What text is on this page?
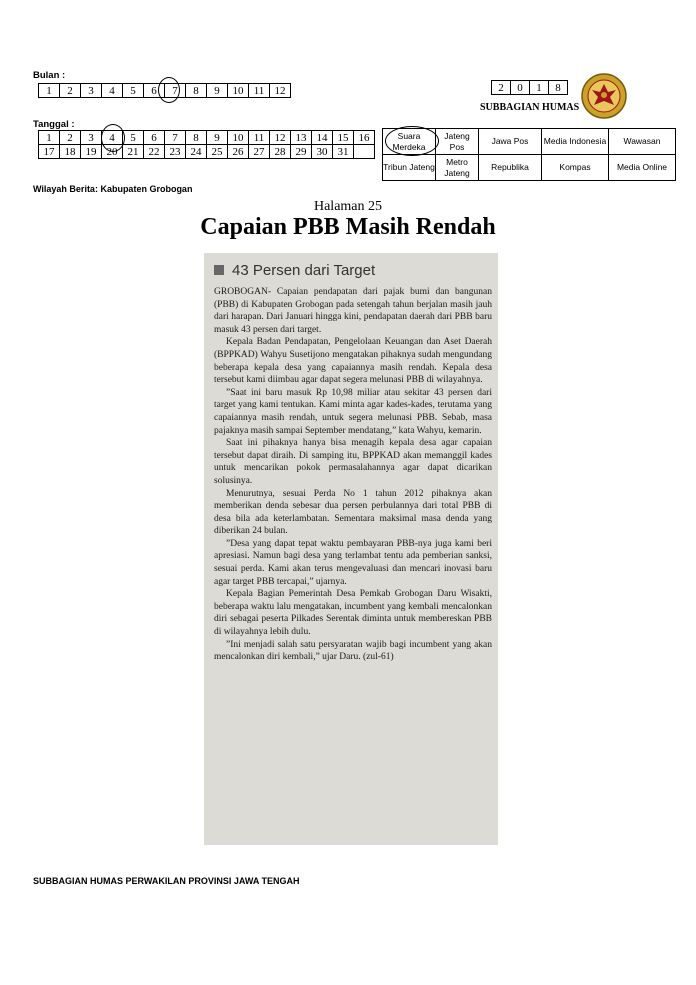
Bulan :
1	2	3	4	5	6	7	8	9	10	11	12
Tanggal :
1	2	3	4	5	6	7	8	9	10	11	12	13	14	15	16
17	18	19	20	21	22	23	24	25	26	27	28	29	30	31	
2	0	1	8
SUBBAGIAN HUMAS
Suara Merdeka	Jateng Pos	Jawa Pos	Media Indonesia	Wawasan
Tribun Jateng	Metro Jateng	Republika	Kompas	Media Online
Wilayah Berita: Kabupaten Grobogan
Halaman 25
Capaian PBB Masih Rendah
43 Persen dari Target

GROBOGAN- Capaian pendapatan dari pajak bumi dan bangunan (PBB) di Kabupaten Grobogan pada setengah tahun berjalan masih jauh dari harapan. Dari Januari hingga kini, pendapatan daerah dari PBB baru masuk 43 persen dari target.

Kepala Badan Pendapatan, Pengelolaan Keuangan dan Aset Daerah (BPPKAD) Wahyu Susetijono mengatakan pihaknya sudah mengundang beberapa kepala desa yang capaiannya masih rendah. Kepala desa tersebut kami diimbau agar dapat segera melunasi PBB di wilayahnya.

”Saat ini baru masuk Rp 10,98 miliar atau sekitar 43 persen dari target yang kami tentukan. Kami minta agar kades-kades, terutama yang capaiannya masih rendah, untuk segera melunasi PBB. Sebab, masa pajaknya masih sampai September mendatang,” kata Wahyu, kemarin.

Saat ini pihaknya hanya bisa menagih kepala desa agar capaian tersebut dapat diraih. Di samping itu, BPPKAD akan memanggil kades untuk mencarikan pokok permasalahannya agar dapat dicarikan solusinya.

Menurutnya, sesuai Perda No 1 tahun 2012 pihaknya akan memberikan denda sebesar dua persen perbulannya dari total PBB di desa bila ada keterlambatan. Sementara maksimal masa denda yang diberikan 24 bulan.

”Desa yang dapat tepat waktu pembayaran PBB-nya juga kami beri apresiasi. Namun bagi desa yang terlambat tentu ada pemberian sanksi, sesuai perda. Kami akan terus mengevaluasi dan mencari inovasi baru agar target PBB tercapai,” ujarnya.

Kepala Bagian Pemerintah Desa Pemkab Grobogan Daru Wisakti, beberapa waktu lalu mengatakan, incumbent yang kembali mencalonkan diri sebagai peserta Pilkades Serentak diminta untuk membereskan PBB di wilayahnya lebih dulu.

”Ini menjadi salah satu persyaratan wajib bagi incumbent yang akan mencalonkan diri kembali,” ujar Daru. (zul-61)

SUBBAGIAN HUMAS PERWAKILAN PROVINSI JAWA TENGAH
